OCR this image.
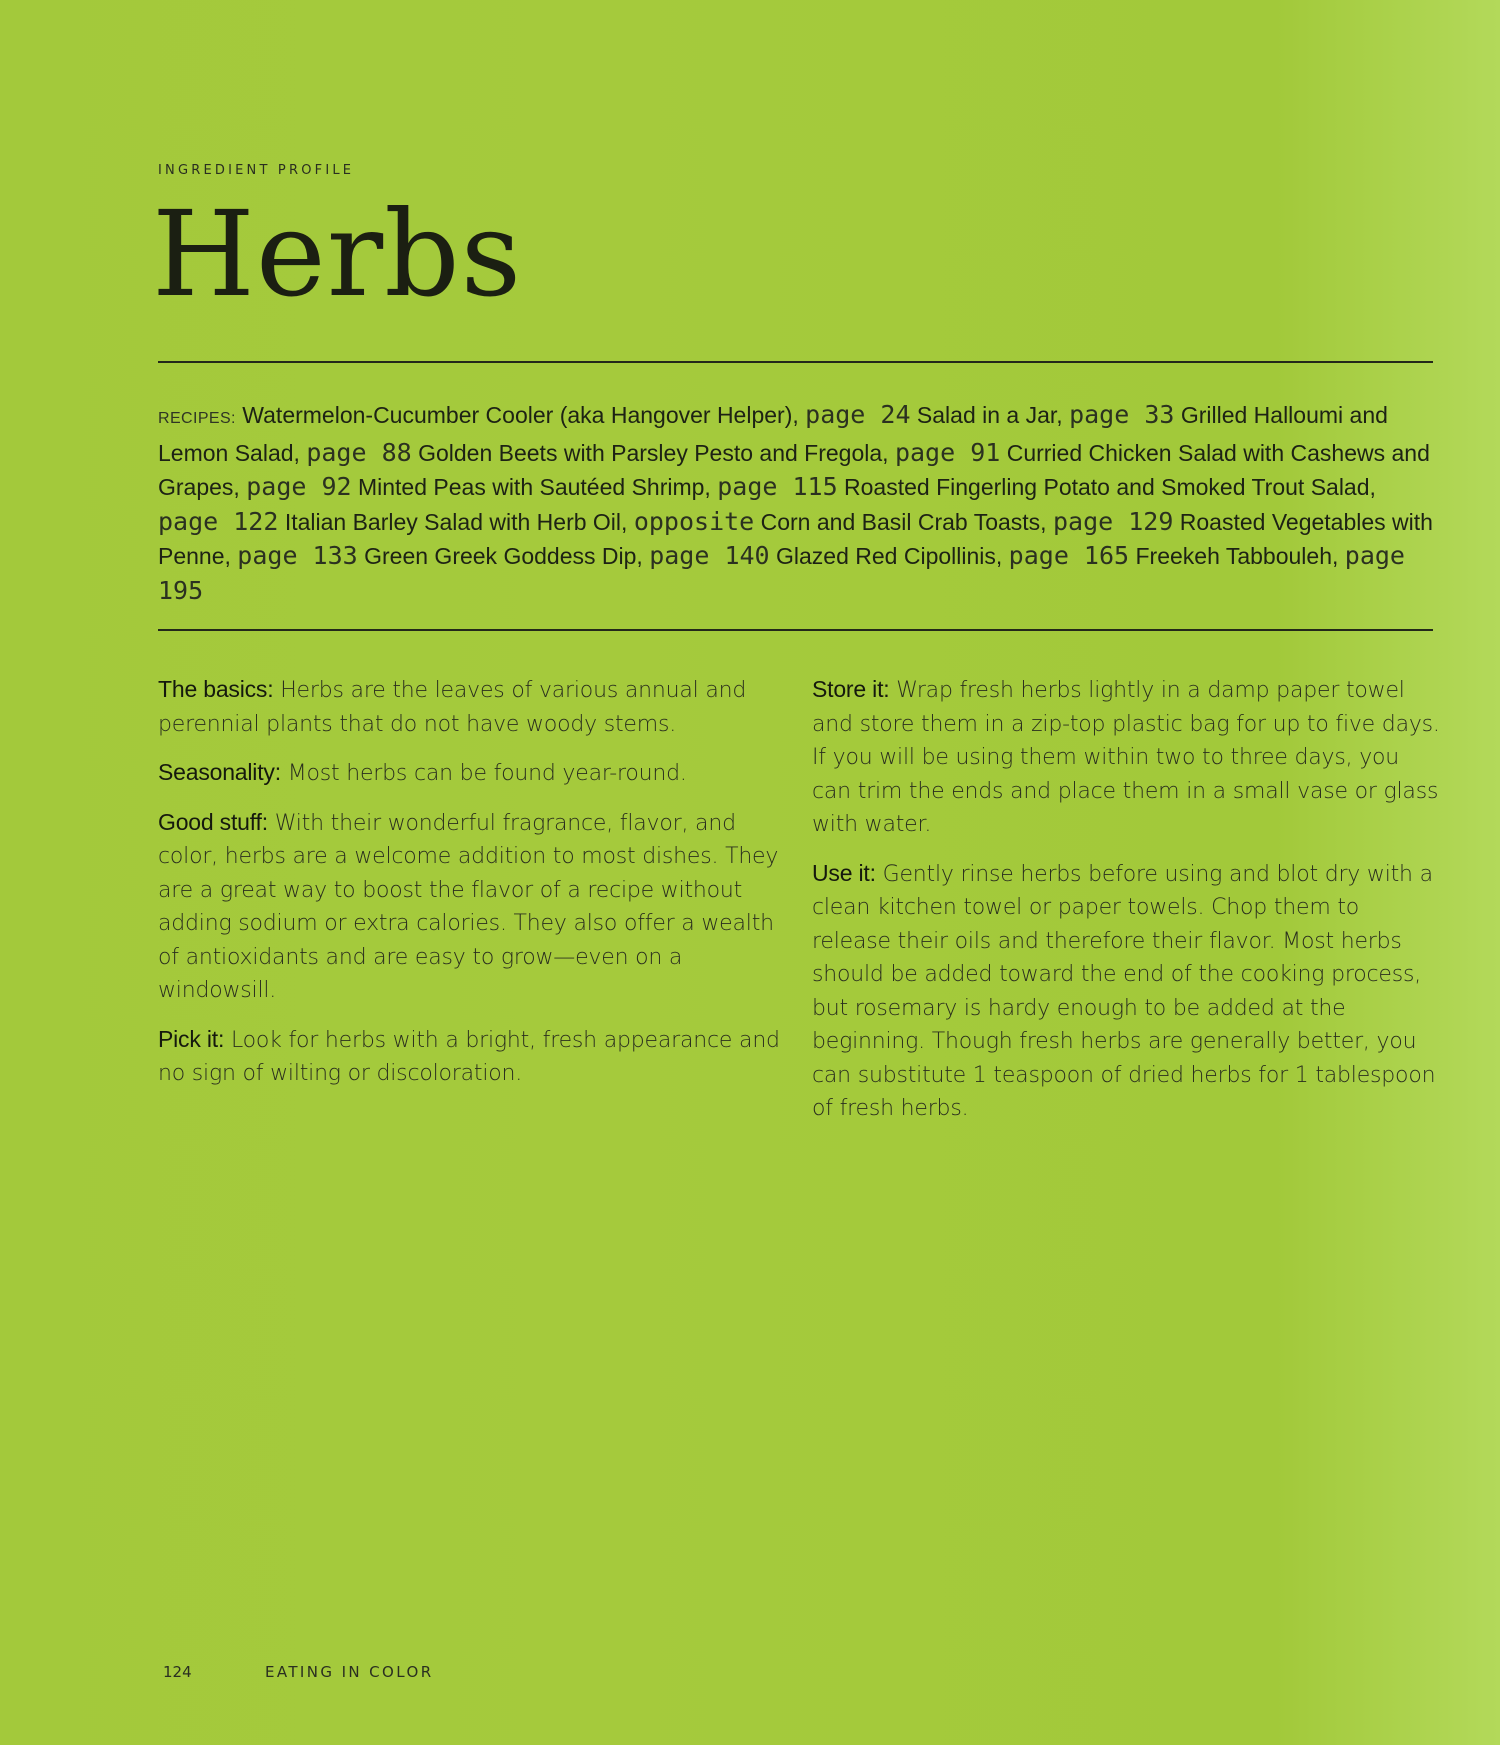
INGREDIENT PROFILE
Herbs
RECIPES: Watermelon-Cucumber Cooler (aka Hangover Helper), page 24 Salad in a Jar, page 33 Grilled Halloumi and Lemon Salad, page 88 Golden Beets with Parsley Pesto and Fregola, page 91 Curried Chicken Salad with Cashews and Grapes, page 92 Minted Peas with Sautéed Shrimp, page 115 Roasted Fingerling Potato and Smoked Trout Salad, page 122 Italian Barley Salad with Herb Oil, opposite Corn and Basil Crab Toasts, page 129 Roasted Vegetables with Penne, page 133 Green Greek Goddess Dip, page 140 Glazed Red Cipollinis, page 165 Freekeh Tabbouleh, page 195

The basics: Herbs are the leaves of various annual and perennial plants that do not have woody stems.

Seasonality: Most herbs can be found year-round.

Good stuff: With their wonderful fragrance, flavor, and color, herbs are a welcome addition to most dishes. They are a great way to boost the flavor of a recipe without adding sodium or extra calories. They also offer a wealth of antioxidants and are easy to grow—even on a windowsill.

Pick it: Look for herbs with a bright, fresh appearance and no sign of wilting or discoloration.

Store it: Wrap fresh herbs lightly in a damp paper towel and store them in a zip-top plastic bag for up to five days. If you will be using them within two to three days, you can trim the ends and place them in a small vase or glass with water.

Use it: Gently rinse herbs before using and blot dry with a clean kitchen towel or paper towels. Chop them to release their oils and therefore their flavor. Most herbs should be added toward the end of the cooking process, but rosemary is hardy enough to be added at the beginning. Though fresh herbs are generally better, you can substitute 1 teaspoon of dried herbs for 1 tablespoon of fresh herbs.

124	EATING IN COLOR
